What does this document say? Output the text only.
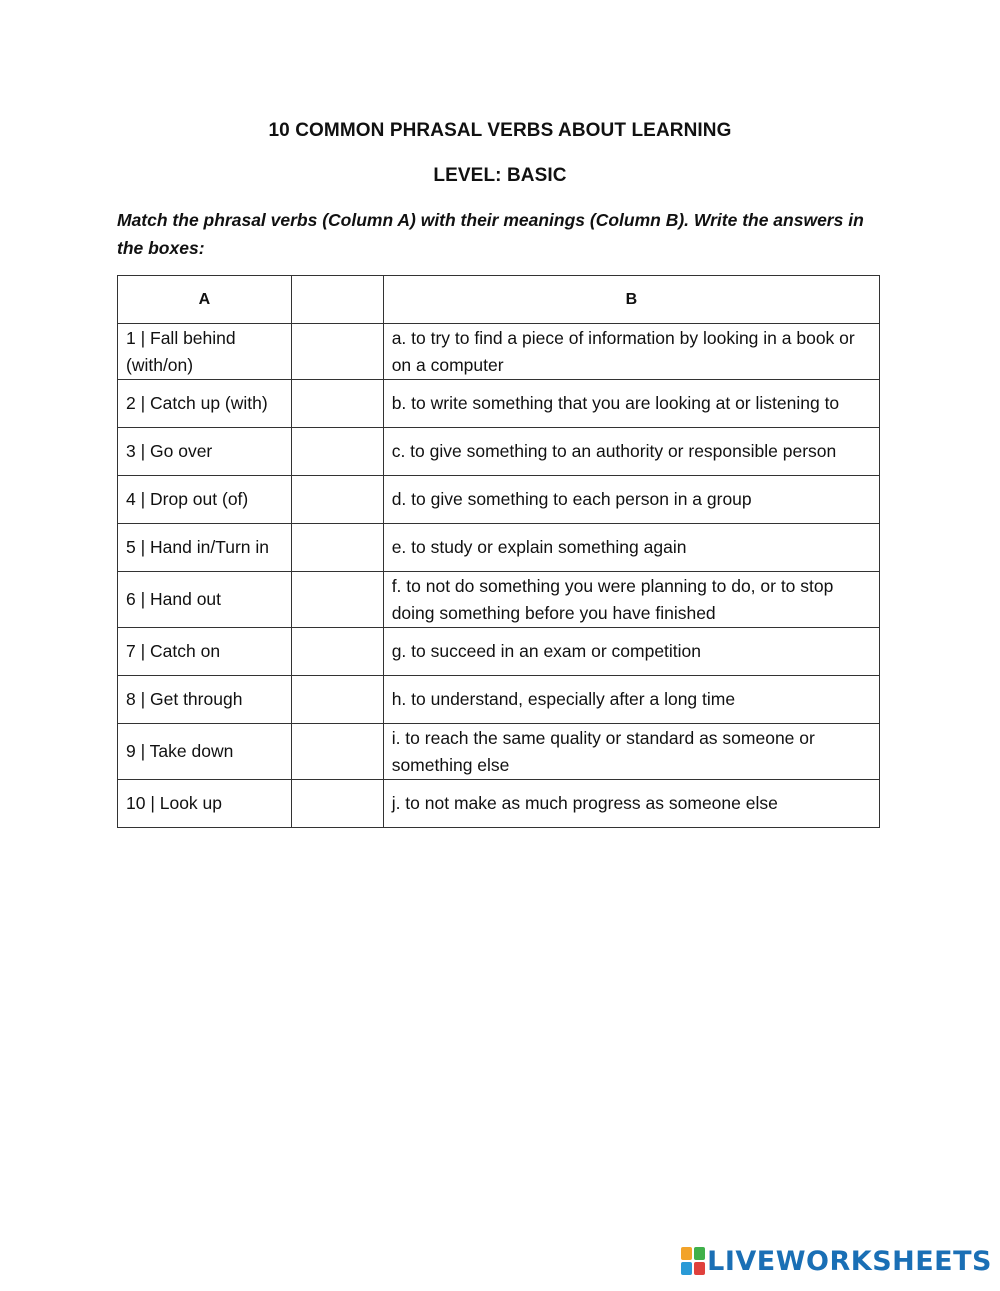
10 COMMON PHRASAL VERBS ABOUT LEARNING
LEVEL: BASIC
Match the phrasal verbs (Column A) with their meanings (Column B). Write the answers in the boxes:
A		B
1 | Fall behind (with/on)		a. to try to find a piece of information by looking in a book or on a computer
2 | Catch up (with)		b. to write something that you are looking at or listening to
3 | Go over		c. to give something to an authority or responsible person
4 | Drop out (of)		d. to give something to each person in a group
5 | Hand in/Turn in		e. to study or explain something again
6 | Hand out		f. to not do something you were planning to do, or to stop doing something before you have finished
7 | Catch on		g. to succeed in an exam or competition
8 | Get through		h. to understand, especially after a long time
9 | Take down		i. to reach the same quality or standard as someone or something else
10 | Look up		j. to not make as much progress as someone else
LIVEWORKSHEETS
